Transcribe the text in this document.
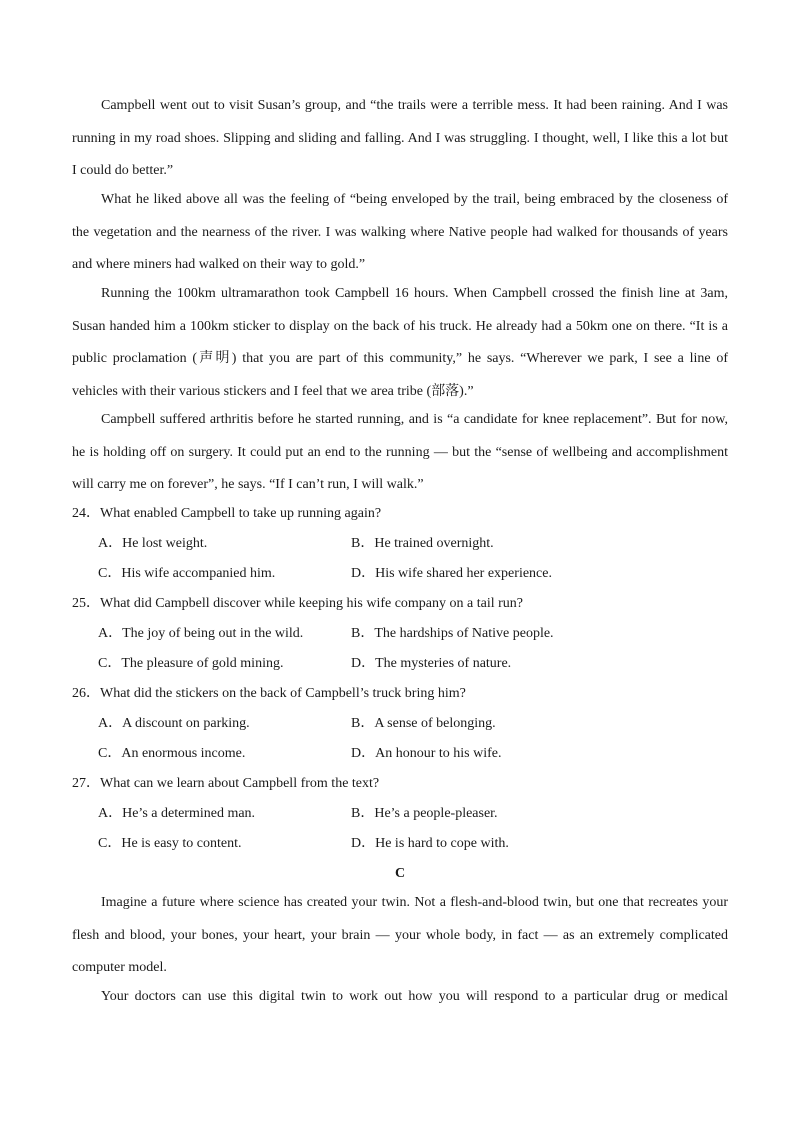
Campbell went out to visit Susan’s group, and “the trails were a terrible mess. It had been raining. And I was
running in my road shoes. Slipping and sliding and falling. And I was struggling. I thought, well, I like this a lot but
I could do better.”
What he liked above all was the feeling of “being enveloped by the trail, being embraced by the closeness of
the vegetation and the nearness of the river. I was walking where Native people had walked for thousands of years
and where miners had walked on their way to gold.”
Running the 100km ultramarathon took Campbell 16 hours. When Campbell crossed the finish line at 3am,
Susan handed him a 100km sticker to display on the back of his truck. He already had a 50km one on there. “It is a
public proclamation (声明) that you are part of this community,” he says. “Wherever we park, I see a line of
vehicles with their various stickers and I feel that we area tribe (部落).”
Campbell suffered arthritis before he started running, and is “a candidate for knee replacement”. But for now,
he is holding off on surgery. It could put an end to the running — but the “sense of wellbeing and accomplishment
will carry me on forever”, he says. “If I can’t run, I will walk.”
24．What enabled Campbell to take up running again?
A．He lost weight.	B．He trained overnight.
C．His wife accompanied him.	D．His wife shared her experience.
25．What did Campbell discover while keeping his wife company on a tail run?
A．The joy of being out in the wild.	B．The hardships of Native people.
C．The pleasure of gold mining.	D．The mysteries of nature.
26．What did the stickers on the back of Campbell’s truck bring him?
A．A discount on parking.	B．A sense of belonging.
C．An enormous income.	D．An honour to his wife.
27．What can we learn about Campbell from the text?
A．He’s a determined man.	B．He’s a people-pleaser.
C．He is easy to content.	D．He is hard to cope with.
C
Imagine a future where science has created your twin. Not a flesh-and-blood twin, but one that recreates your
flesh and blood, your bones, your heart, your brain — your whole body, in fact — as an extremely complicated
computer model.
Your doctors can use this digital twin to work out how you will respond to a particular drug or medical
